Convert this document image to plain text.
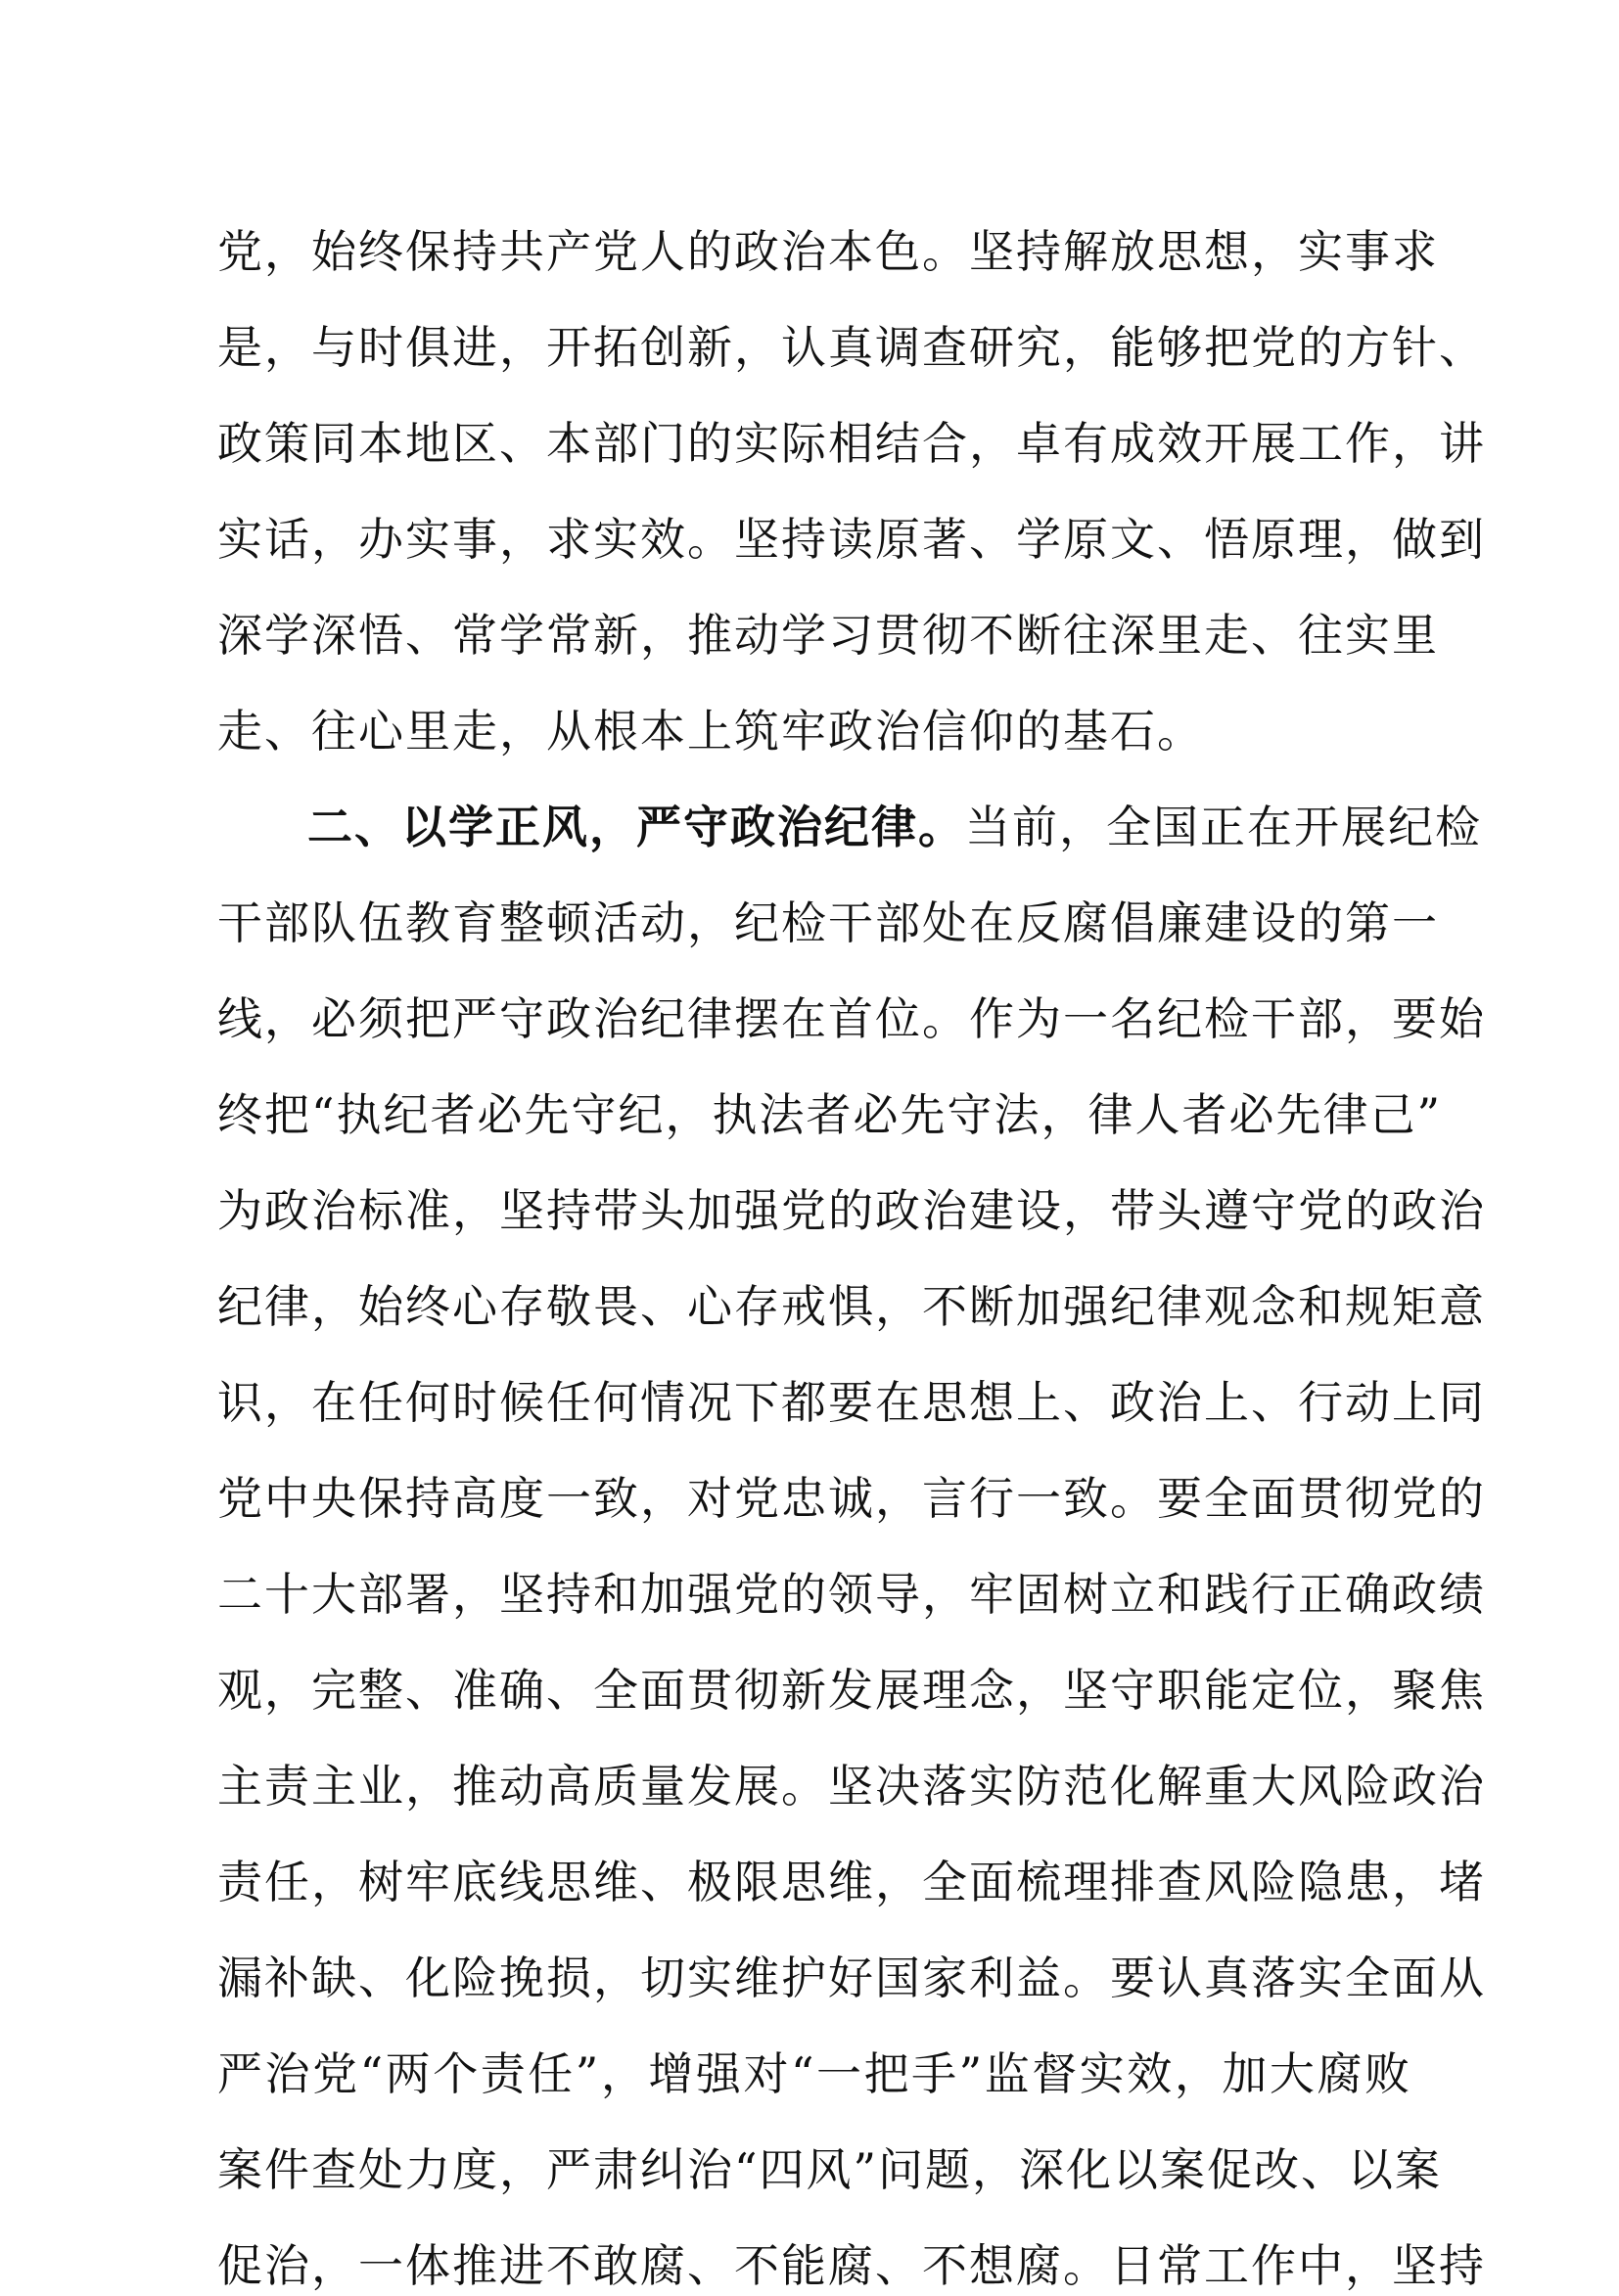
党，始终保持共产党人的政治本色。坚持解放思想，实事求
是，与时俱进，开拓创新，认真调查研究，能够把党的方针、
政策同本地区、本部门的实际相结合，卓有成效开展工作，讲
实话，办实事，求实效。坚持读原著、学原文、悟原理，做到
深学深悟、常学常新，推动学习贯彻不断往深里走、往实里
走、往心里走，从根本上筑牢政治信仰的基石。
二、以学正风，严守政治纪律。当前，全国正在开展纪检
干部队伍教育整顿活动，纪检干部处在反腐倡廉建设的第一
线，必须把严守政治纪律摆在首位。作为一名纪检干部，要始
终把“执纪者必先守纪，执法者必先守法，律人者必先律己”
为政治标准，坚持带头加强党的政治建设，带头遵守党的政治
纪律，始终心存敬畏、心存戒惧，不断加强纪律观念和规矩意
识，在任何时候任何情况下都要在思想上、政治上、行动上同
党中央保持高度一致，对党忠诚，言行一致。要全面贯彻党的
二十大部署，坚持和加强党的领导，牢固树立和践行正确政绩
观，完整、准确、全面贯彻新发展理念，坚守职能定位，聚焦
主责主业，推动高质量发展。坚决落实防范化解重大风险政治
责任，树牢底线思维、极限思维，全面梳理排查风险隐患，堵
漏补缺、化险挽损，切实维护好国家利益。要认真落实全面从
严治党“两个责任”，增强对“一把手”监督实效，加大腐败
案件查处力度，严肃纠治“四风”问题，深化以案促改、以案
促治，一体推进不敢腐、不能腐、不想腐。日常工作中，坚持
